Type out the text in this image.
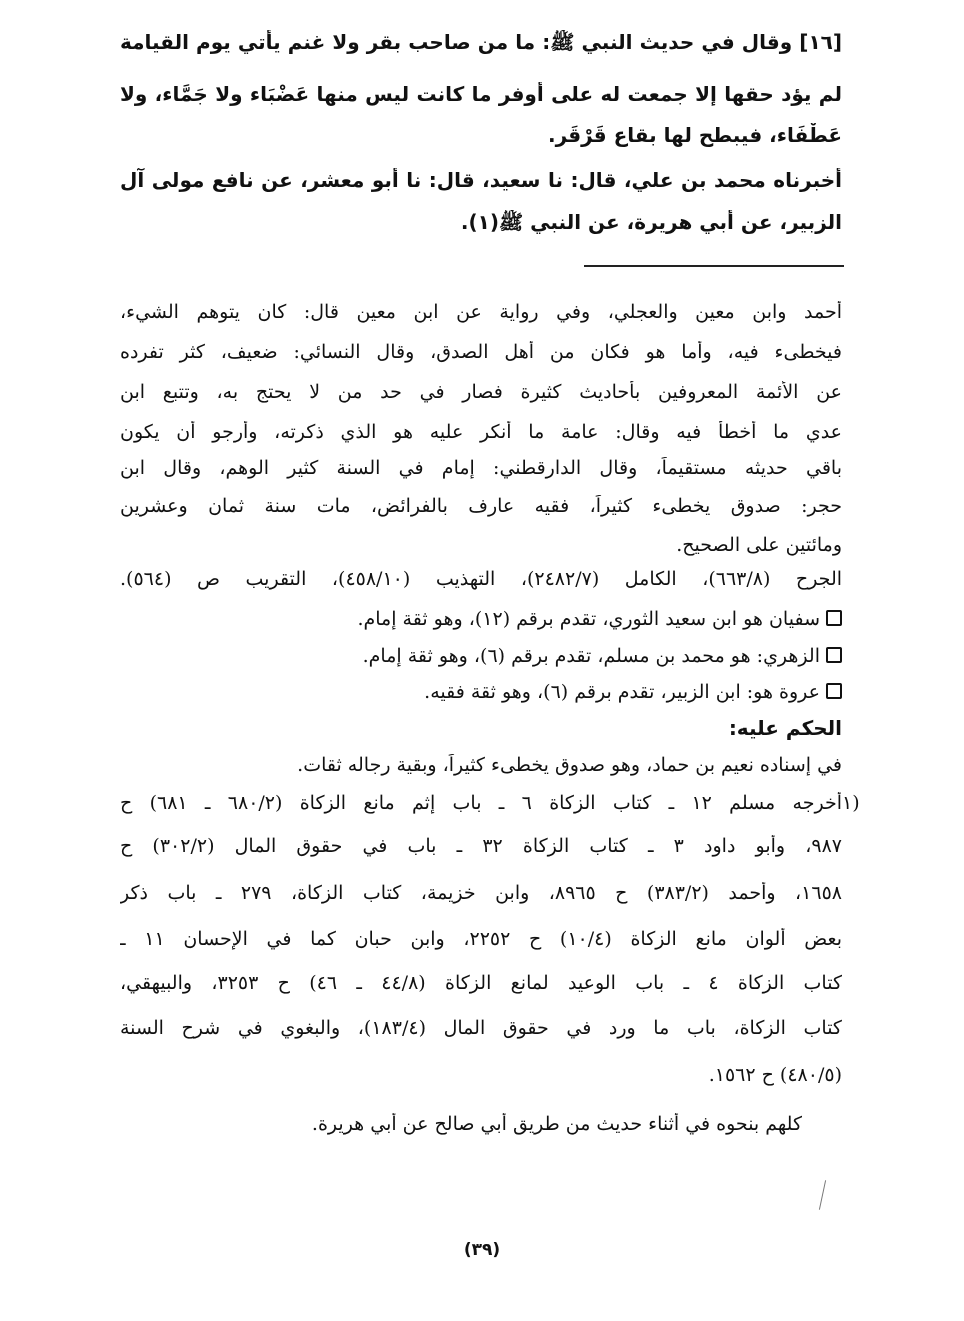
[١٦] وقال في حديث النبي ﷺ: ما من صاحب بقر ولا غنم يأتي يوم القيامة
لم يؤد حقها إلا جمعت له على أوفر ما كانت ليس منها عَضْبَاء ولا جَمَّاء، ولا
عَطْفَاء، فيبطح لها بقاع قَرْقَر.
أخبرناه محمد بن علي، قال: نا سعيد، قال: نا أبو معشر، عن نافع مولى آل
الزبير، عن أبي هريرة، عن النبي ﷺ(١).
أحمد وابن معين والعجلي، وفي رواية عن ابن معين قال: كان يتوهم الشيء،
فيخطىء فيه، وأما هو فكان من أهل الصدق، وقال النسائي: ضعيف، كثر تفرده
عن الأئمة المعروفين بأحاديث كثيرة فصار في حد من لا يحتج به، وتتبع ابن
عدي ما أخطأ فيه وقال: عامة ما أنكر عليه هو الذي ذكرته، وأرجو أن يكون
باقي حديثه مستقيماً، وقال الدارقطني: إمام في السنة كثير الوهم، وقال ابن
حجر: صدوق يخطىء كثيراً، فقيه عارف بالفرائض، مات سنة ثمان وعشرين
ومائتين على الصحيح.
الجرح (٦٦٣/٨)، الكامل (٢٤٨٢/٧)، التهذيب (٤٥٨/١٠)، التقريب ص (٥٦٤).
سفيان هو ابن سعيد الثوري، تقدم برقم (١٢)، وهو ثقة إمام.
الزهري: هو محمد بن مسلم، تقدم برقم (٦)، وهو ثقة إمام.
عروة هو: ابن الزبير، تقدم برقم (٦)، وهو ثقة فقيه.
الحكم عليه:
في إسناده نعيم بن حماد، وهو صدوق يخطىء كثيراً، وبقية رجاله ثقات.
١)
أخرجه مسلم ١٢ ـ كتاب الزكاة ٦ ـ باب إثم مانع الزكاة (٦٨٠/٢ ـ ٦٨١) ح
٩٨٧، وأبو داود ٣ ـ كتاب الزكاة ٣٢ ـ باب في حقوق المال (٣٠٢/٢) ح
١٦٥٨، وأحمد (٣٨٣/٢) ح ٨٩٦٥، وابن خزيمة، كتاب الزكاة، ٢٧٩ ـ باب ذكر
بعض ألوان مانع الزكاة (١٠/٤) ح ٢٢٥٢، وابن حبان كما في الإحسان ١١ ـ
كتاب الزكاة ٤ ـ باب الوعيد لمانع الزكاة (٤٤/٨ ـ ٤٦) ح ٣٢٥٣، والبيهقي،
كتاب الزكاة، باب ما ورد في حقوق المال (١٨٣/٤)، والبغوي في شرح السنة
(٤٨٠/٥) ح ١٥٦٢.
كلهم بنحوه في أثناء حديث من طريق أبي صالح عن أبي هريرة.
(٣٩)
